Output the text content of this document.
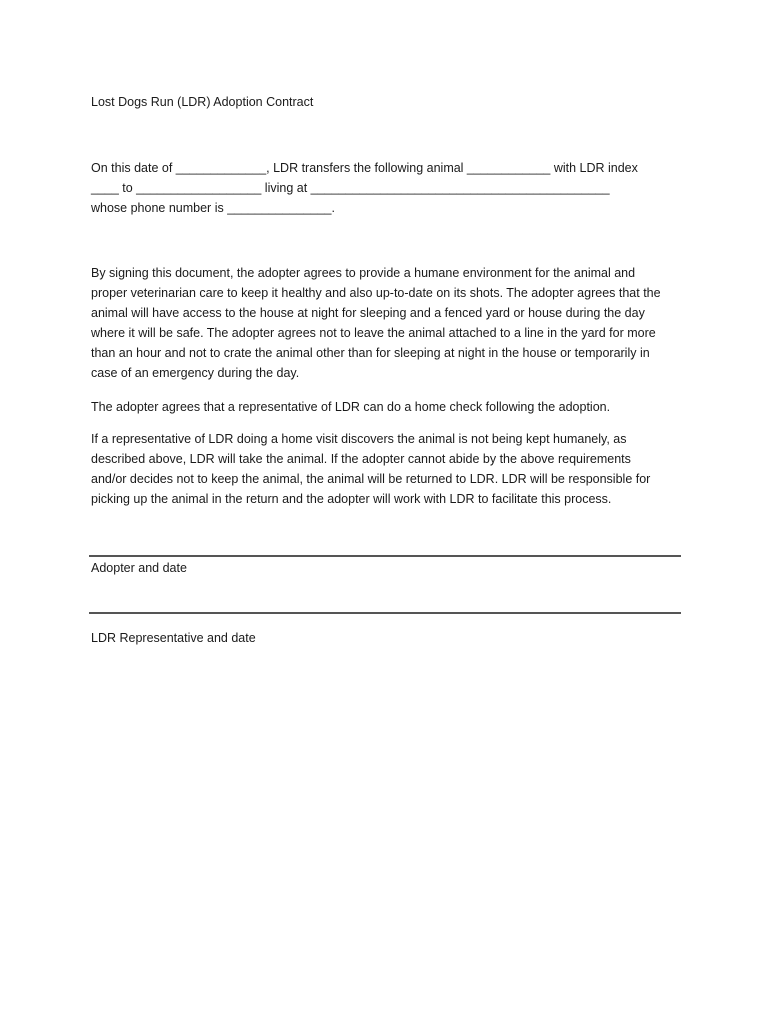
Lost Dogs Run (LDR) Adoption Contract
On this date of _____________, LDR transfers the following animal ____________ with LDR index
____ to __________________ living at ___________________________________________
whose phone number is _______________.
By signing this document, the adopter agrees to provide a humane environment for the animal and
proper veterinarian care to keep it healthy and also up-to-date on its shots. The adopter agrees that the
animal will have access to the house at night for sleeping and a fenced yard or house during the day
where it will be safe. The adopter agrees not to leave the animal attached to a line in the yard for more
than an hour and not to crate the animal other than for sleeping at night in the house or temporarily in
case of an emergency during the day.
The adopter agrees that a representative of LDR can do a home check following the adoption.
If a representative of LDR doing a home visit discovers the animal is not being kept humanely, as
described above, LDR will take the animal. If the adopter cannot abide by the above requirements
and/or decides not to keep the animal, the animal will be returned to LDR. LDR will be responsible for
picking up the animal in the return and the adopter will work with LDR to facilitate this process.
Adopter and date
LDR Representative and date
